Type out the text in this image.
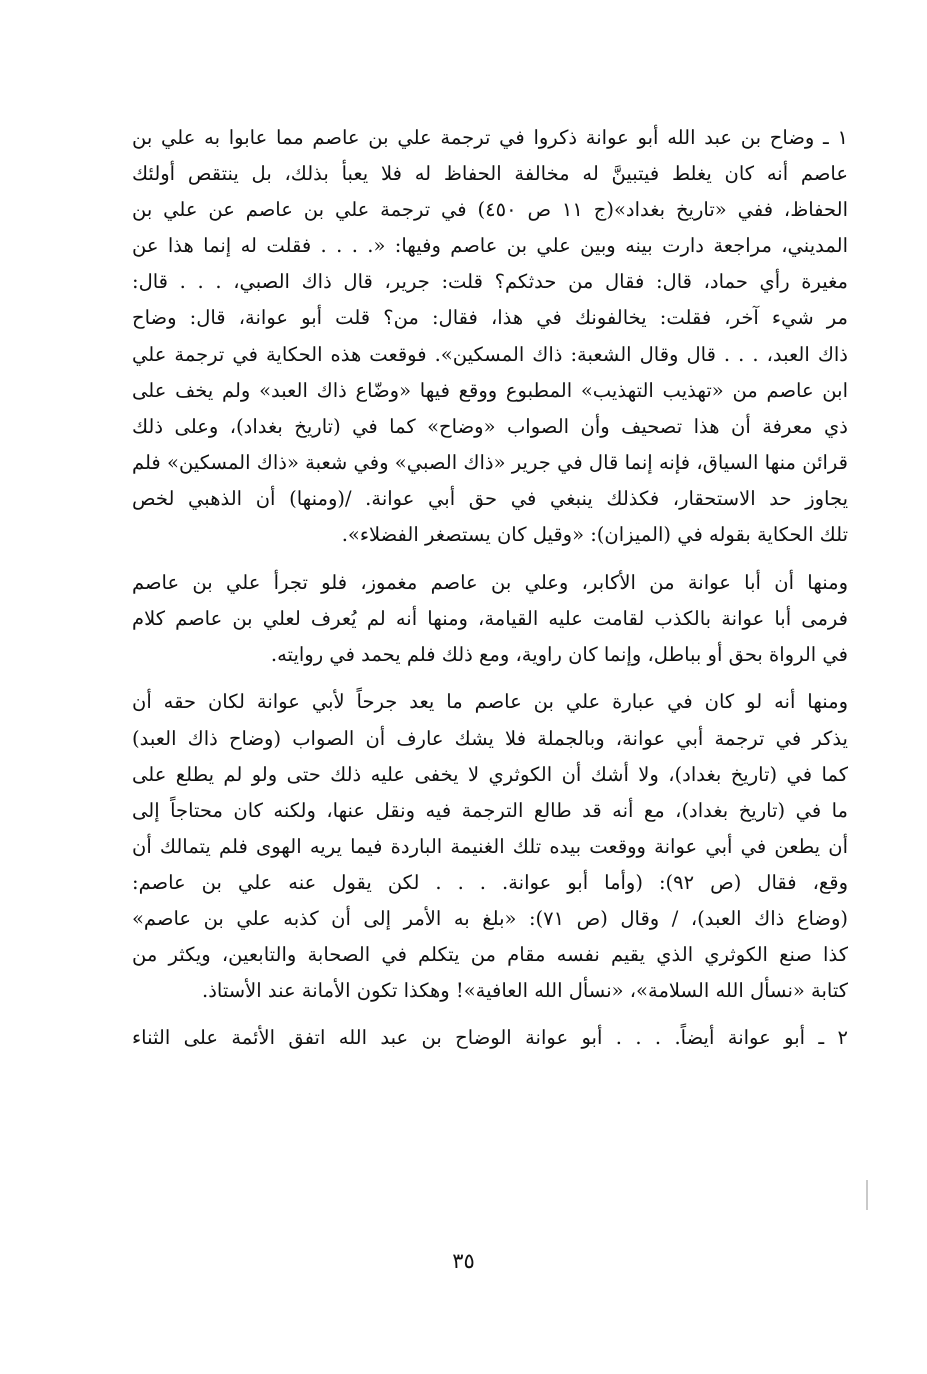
١ ـ وضاح بن عبد الله أبو عوانة ذكروا في ترجمة علي بن عاصم مما عابوا به علي بن
عاصم أنه كان يغلط فيتبينَّ له مخالفة الحفاظ له فلا يعبأ بذلك، بل ينتقص أولئك
الحفاظ، ففي «تاريخ بغداد»(ج ١١ ص ٤٥٠) في ترجمة علي بن عاصم عن علي بن
المديني، مراجعة دارت بينه وبين علي بن عاصم وفيها: «. . . . فقلت له إنما هذا عن
مغيرة رأي حماد، قال: فقال من حدثكم؟ قلت: جرير، قال ذاك الصبي، . . . قال:
مر شيء آخر، فقلت: يخالفونك في هذا، فقال: من؟ قلت أبو عوانة، قال: وضاح
ذاك العبد، . . . قال وقال الشعبة: ذاك المسكين». فوقعت هذه الحكاية في ترجمة علي
ابن عاصم من «تهذيب التهذيب» المطبوع ووقع فيها «وضّاع ذاك العبد» ولم يخف على
ذي معرفة أن هذا تصحيف وأن الصواب «وضاح» كما في (تاريخ بغداد)، وعلى ذلك
قرائن منها السياق، فإنه إنما قال في جرير «ذاك الصبي» وفي شعبة «ذاك المسكين» فلم
يجاوز حد الاستحقار، فكذلك ينبغي في حق أبي عوانة. /(ومنها) أن الذهبي لخص
تلك الحكاية بقوله في (الميزان): «وقيل كان يستصغر الفضلاء».
ومنها أن أبا عوانة من الأكابر، وعلي بن عاصم مغموز، فلو تجرأ علي بن عاصم
فرمى أبا عوانة بالكذب لقامت عليه القيامة، ومنها أنه لم يُعرف لعلي بن عاصم كلام
في الرواة بحق أو بباطل، وإنما كان راوية، ومع ذلك فلم يحمد في روايته.
ومنها أنه لو كان في عبارة علي بن عاصم ما يعد جرحاً لأبي عوانة لكان حقه أن
يذكر في ترجمة أبي عوانة، وبالجملة فلا يشك عارف أن الصواب (وضاح ذاك العبد)
كما في (تاريخ بغداد)، ولا أشك أن الكوثري لا يخفى عليه ذلك حتى ولو لم يطلع على
ما في (تاريخ بغداد)، مع أنه قد طالع الترجمة فيه ونقل عنها، ولكنه كان محتاجاً إلى
أن يطعن في أبي عوانة ووقعت بيده تلك الغنيمة الباردة فيما يريه الهوى فلم يتمالك أن
وقع، فقال (ص ٩٢): (وأما أبو عوانة. . . . لكن يقول عنه علي بن عاصم:
(وضاع ذاك العبد)، / وقال (ص ٧١): «بلغ به الأمر إلى أن كذبه علي بن عاصم»
كذا صنع الكوثري الذي يقيم نفسه مقام من يتكلم في الصحابة والتابعين، ويكثر من
كتابة «نسأل الله السلامة»، «نسأل الله العافية»! وهكذا تكون الأمانة عند الأستاذ.
٢ ـ أبو عوانة أيضاً. . . . أبو عوانة الوضاح بن عبد الله اتفق الأئمة على الثناء
٣٥
